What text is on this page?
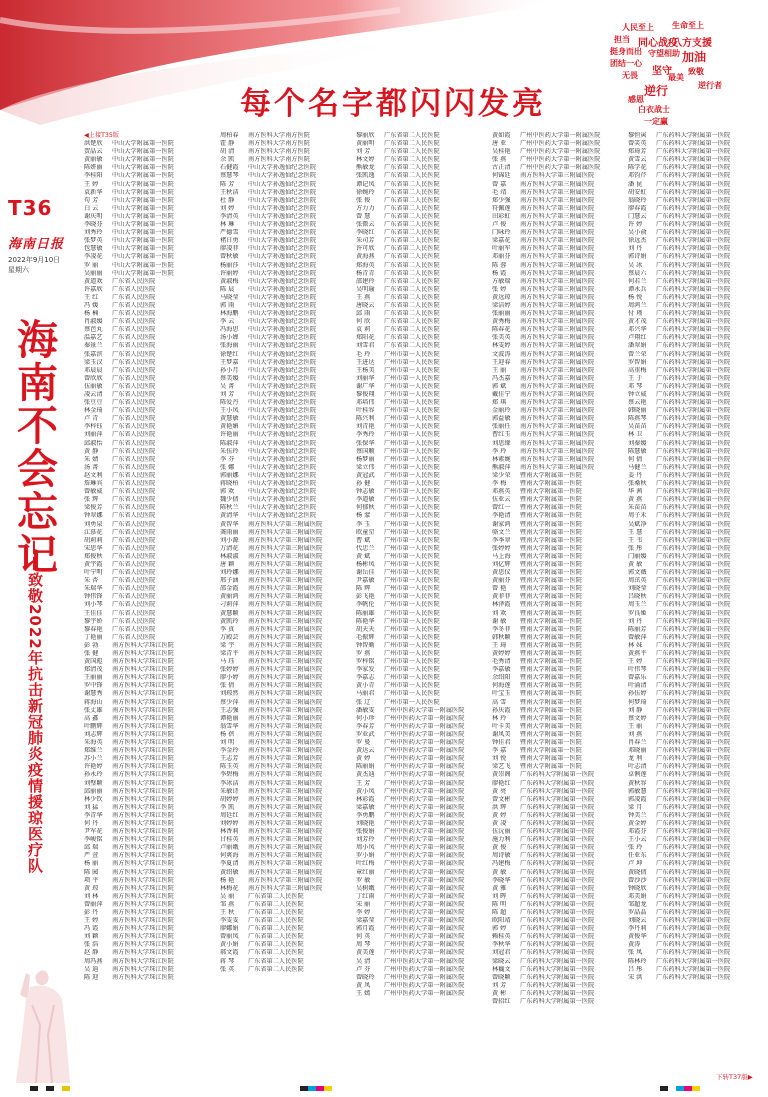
人民至上 生命至上
担当 同心战疫
挺身而出
团结一心
八方支援
加油
守望相助
逆行
无畏 坚守
感恩
致敬
最美
白衣战士
逆行者
一定赢
每个名字都闪闪发亮
T36
海南日报
2022年9月10日
星期六
海南不会忘记
——致敬2022年抗击新冠肺炎疫情援琼医疗队
◀上接T35版
洪楚欣	中山大学附属第一医院
贺晶云	中山大学附属第一医院
黄丽敏	中山大学附属第一医院
陈妍丽	中山大学附属第一医院
李桂阳	中山大学附属第一医院
王 婷	中山大学附属第一医院
袁新华	中山大学附属第一医院
苟 芳	中山大学附属第一医院
白 云	中山大学附属第一医院
谢庆明	中山大学附属第一医院
李晓芬	中山大学附属第一医院
刘秀玲	中山大学附属第一医院
张梦英	中山大学附属第一医院
包慧敏	中山大学附属第一医院
李凌花	中山大学附属第一医院
罗 丽	中山大学附属第一医院
吴丽丽	中山大学附属第一医院
黄道欢	广东省人民医院
许嘉欣	广东省人民医院
王 红	广东省人民医院
冯 媛	广东省人民医院
杨 楠	广东省人民医院
肖淑媛	广东省人民医院
蔡芭丸	广东省人民医院
温嘉艺	广东省人民医院
秦景兰	广东省人民医院
张嘉滨	广东省人民医院
梁玉汉	广东省人民医院
邓晨晨	广东省人民医院
曾欣欣	广东省人民医院
伍丽敏	广东省人民医院
凌云清	广东省人民医院
张豆豆	广东省人民医院
林金琦	广东省人民医院
卢 青	广东省人民医院
李梓钰	广东省人民医院
刘丽萍	广东省人民医院
邱淑怡	广东省人民医院
黄 静	广东省人民医院
朱 婧	广东省人民医院
汤 菁	广东省人民医院
赵文利	广东省人民医院
詹琳宾	广东省人民医院
曾敏威	广东省人民医院
张 辉	广东省人民医院
梁俊芳	广东省人民医院
钟翠娜	广东省人民医院
刘勇泉	广东省人民医院
江慕花	广东省人民医院
胡莉莉	广东省人民医院
宋思华	广东省人民医院
郑俊秋	广东省人民医院
黄宇霞	广东省人民医院
叶宁明	广东省人民医院
朱 杏	广东省人民医院
朱瑞华	广东省人民医院
钟伟锋	广东省人民医院
刘小琴	广东省人民医院
王佳佳	广东省人民医院
黎宇娇	广东省人民医院
黎春艳	广东省人民医院
丁艳丽	广东省人民医院
彭 勃	南方医科大学珠江医院
张 健	南方医科大学珠江医院
黄国彪	南方医科大学珠江医院
郑清茂	南方医科大学珠江医院
王丽丽	南方医科大学珠江医院
罗中锋	南方医科大学珠江医院
谢慧秀	南方医科大学珠江医院
蒋海山	南方医科大学珠江医院
张丈雄	南方医科大学珠江医院
高 鑫	南方医科大学珠江医院
叶鹏辉	南方医科大学珠江医院
刘志辉	南方医科大学珠江医院
朱海英	南方医科大学珠江医院
郑维兰	南方医科大学珠江医院
苏小兰	南方医科大学珠江医院
许艳婷	南方医科大学珠江医院
孙永玲	南方医科大学珠江医院
刘璧颖	南方医科大学珠江医院
邱丽丽	南方医科大学珠江医院
林少钦	南方医科大学珠江医院
刘 猛	南方医科大学珠江医院
李青华	南方医科大学珠江医院
何 丹	南方医科大学珠江医院
尹军花	南方医科大学珠江医院
李峻铭	南方医科大学珠江医院
邱 瑞	南方医科大学珠江医院
严 萱	南方医科大学珠江医院
杨 丽	南方医科大学珠江医院
陈 园	南方医科大学珠江医院
项 平	南方医科大学珠江医院
黄 琼	南方医科大学珠江医院
刘 林	南方医科大学珠江医院
曾丽萍	南方医科大学珠江医院
彭 丹	南方医科大学珠江医院
王 婷	南方医科大学珠江医院
冯 霞	南方医科大学珠江医院
刘 颖	南方医科大学珠江医院
张 浩	南方医科大学珠江医院
赵 静	南方医科大学珠江医院
周冯燕	南方医科大学珠江医院
吴 迪	南方医科大学珠江医院
陈 迎	南方医科大学珠江医院
周柏春	南方医科大学南方医院
霍 静	南方医科大学南方医院
胡 清	南方医科大学南方医院
余 凯	南方医科大学南方医院
石健霞	中山大学孙逸仙纪念医院
蔡慧琴	中山大学孙逸仙纪念医院
陈 芳	中山大学孙逸仙纪念医院
王秋洁	中山大学孙逸仙纪念医院
杜 静	中山大学孙逸仙纪念医院
刘 婷	中山大学孙逸仙纪念医院
李清英	中山大学孙逸仙纪念医院
林 琳	中山大学孙逸仙纪念医院
严德雪	中山大学孙逸仙纪念医院
褚日勇	中山大学孙逸仙纪念医院
廖凌菲	中山大学孙逸仙纪念医院
曾秋敏	中山大学孙逸仙纪念医院
杨丽莎	中山大学孙逸仙纪念医院
许丽婷	中山大学孙逸仙纪念医院
黄淑梅	中山大学孙逸仙纪念医院
陈 晨	中山大学孙逸仙纪念医院
马晓莹	中山大学孙逸仙纪念医院
郭 雨	中山大学孙逸仙纪念医院
林海鹏	中山大学孙逸仙纪念医院
李 云	中山大学孙逸仙纪念医院
冯海思	中山大学孙逸仙纪念医院
汤小婵	中山大学孙逸仙纪念医院
张海丽	中山大学孙逸仙纪念医院
徐楚红	中山大学孙逸仙纪念医院
王梦嘉	中山大学孙逸仙纪念医院
孙小月	中山大学孙逸仙纪念医院
蔡美媛	中山大学孙逸仙纪念医院
吴 菁	中山大学孙逸仙纪念医院
刘 芳	中山大学孙逸仙纪念医院
陈爱丹	中山大学孙逸仙纪念医院
王小凤	中山大学孙逸仙纪念医院
黄慧敏	中山大学孙逸仙纪念医院
黄艳媚	中山大学孙逸仙纪念医院
许艳丽	中山大学孙逸仙纪念医院
陈淑萍	中山大学孙逸仙纪念医院
朱伍玲	中山大学孙逸仙纪念医院
李 芬	中山大学孙逸仙纪念医院
张 娜	中山大学孙逸仙纪念医院
郭丽娜	中山大学孙逸仙纪念医院
蒋晓柏	中山大学孙逸仙纪念医院
郭 欢	中山大学孙逸仙纪念医院
魏少倩	中山大学孙逸仙纪念医院
陈秋兰	中山大学孙逸仙纪念医院
黄清华	中山大学孙逸仙纪念医院
黄智华	南方医科大学第三附属医院
龚雨丽	南方医科大学第三附属医院
刘小源	南方医科大学第三附属医院
万清花	南方医科大学第三附属医院
林淑淑	南方医科大学第三附属医院
唐 颖	南方医科大学第三附属医院
刘玲娜	南方医科大学第三附属医院
邢子涵	南方医科大学第三附属医院
邵金霞	南方医科大学第三附属医院
黄丽鸿	南方医科大学第三附属医院
刁莉萍	南方医科大学第三附属医院
黄慧颖	南方医科大学第三附属医院
黄凯玲	南方医科大学第三附属医院
李 真	南方医科大学第三附属医院
万殿芸	南方医科大学第三附属医院
梁 宇	南方医科大学第三附属医院
梁青平	南方医科大学第三附属医院
马 珏	南方医科大学第三附属医院
张婷婷	南方医科大学第三附属医院
廖小婷	南方医科大学第三附属医院
张 倩	南方医科大学第三附属医院
刘琼然	南方医科大学第三附属医院
蔡少萍	南方医科大学第三附属医院
王志强	南方医科大学第三附属医院
谭艳丽	南方医科大学第三附属医院
翁雪华	南方医科大学第三附属医院
杨 蓓	南方医科大学第三附属医院
刘 明	南方医科大学第三附属医院
李金玲	南方医科大学第三附属医院
王志芳	南方医科大学第三附属医院
陈玉英	南方医科大学第三附属医院
李碧梅	南方医科大学第三附属医院
李冰洁	南方医科大学第三附属医院
朱敏诗	南方医科大学第三附属医院
胡婷婷	南方医科大学第三附属医院
李 凯	南方医科大学第三附属医院
周廷红	南方医科大学第三附属医院
刘婷婷	南方医科大学第三附属医院
林香莉	南方医科大学第三附属医院
甘桂英	南方医科大学第三附属医院
卢丽娥	南方医科大学第三附属医院
何爽海	南方医科大学第三附属医院
李夏清	南方医科大学第三附属医院
黄绍敏	南方医科大学第三附属医院
杨 艳	南方医科大学第三附属医院
林梅花	南方医科大学第三附属医院
吴 丽	广东省第二人民医院
邹 燕	广东省第二人民医院
王 秋	广东省第二人民医院
李雯雯	广东省第二人民医院
廖娜娟	广东省第二人民医院
曾丽凤	广东省第二人民医院
黄小娟	广东省第二人民医院
郝文霞	广东省第二人民医院
蒋 琴	广东省第二人民医院
张 英	广东省第二人民医院
黎丽欣	广东省第二人民医院
黄丽明	广东省第二人民医院
刘 芳	广东省第二人民医院
林文婷	广东省第二人民医院
熊敏龙	广东省第二人民医院
张凯逸	广东省第二人民医院
谭记凤	广东省第二人民医院
徐婉玲	广东省第二人民医院
张 俊	广东省第二人民医院
方力力	广东省第二人民医院
曾 慧	广东省第二人民医院
张微云	广东省第二人民医院
李晓红	广东省第二人民医院
朱司芳	广东省第二人民医院
许可欣	广东省第二人民医院
黄海燕	广东省第二人民医院
郑海英	广东省第二人民医院
杨青青	广东省第二人民医院
邵建玲	广东省第二人民医院
吴明瑜	广东省第二人民医院
王 燕	广东省第二人民医院
唐晓云	广东省第二人民医院
邱 雨	广东省第二人民医院
何 欣	广东省第二人民医院
袁 莉	广东省第二人民医院
郑阳花	广东省第二人民医院
刘雪君	广东省第二人民医院
毛 玲	广州市第一人民医院
王进达	广州市第一人民医院
王杨美	广州市第一人民医院
刘丽华	广州市第一人民医院
谢广华	广州市第一人民医院
黎俊翔	广州市第一人民医院
邓培伟	广州市第一人民医院
叶桂容	广州市第一人民医院
陈兴利	广州市第一人民医院
刘青艳	广州市第一人民医院
李秀玲	广州市第一人民医院
张保华	广州市第一人民医院
蔡国顺	广州市第一人民医院
杨梦丽	广州市第一人民医院
梁立伟	广州市第一人民医院
黄冠武	广州市第一人民医院
孙 健	广州市第一人民医院
钟志敏	广州市第一人民医院
李道敏	广州市第一人民医院
何郁秋	广州市第一人民医院
杨 蒙	广州市第一人民医院
李 玉	广州市第一人民医院
欧童星	广州市第一人民医院
曹 斌	广州市第一人民医院
代忠兰	广州市第一人民医院
黄 斌	广州市第一人民医院
杨彬凤	广州市第一人民医院
谢岳佳	广州市第一人民医院
尹嘉敏	广州市第一人民医院
陈 辉	广州市第一人民医院
彭飞艳	广州市第一人民医院
李帆伦	广州市第一人民医院
陈丽雄	广州市第一人民医院
陈艳华	广州市第一人民医院
胡天天	广州市第一人民医院
毛振辉	广州市第一人民医院
钟智勤	广州市第一人民医院
罗 燕	广州市第一人民医院
罗梓铭	广州市第一人民医院
李家发	广州市第一人民医院
李嘉志	广州市第一人民医院
黄小青	广州市第一人民医院
马丽君	广州市第一人民医院
张 辽	广州市第一人民医院
潘敏雯	广州中医药大学第一附属医院
何小珍	广州中医药大学第一附属医院
李春芳	广州中医药大学第一附属医院
罗业武	广州中医药大学第一附属医院
罗 曼	广州中医药大学第一附属医院
黄达云	广州中医药大学第一附属医院
黄 婷	广州中医药大学第一附属医院
陈丽娟	广州中医药大学第一附属医院
黄杰迪	广州中医药大学第一附属医院
王 芳	广州中医药大学第一附属医院
黄小凤	广州中医药大学第一附属医院
林彩霞	广州中医药大学第一附属医院
梁嘉敏	广州中医药大学第一附属医院
李勇鹏	广州中医药大学第一附属医院
刘晓艳	广州中医药大学第一附属医院
张俊娟	广州中医药大学第一附属医院
刘芳玲	广州中医药大学第一附属医院
周小凤	广州中医药大学第一附属医院
罗小娟	广州中医药大学第一附属医院
叶红梅	广州中医药大学第一附属医院
章红丽	广州中医药大学第一附属医院
罗 敏	广州中医药大学第一附属医院
吴树娥	广州中医药大学第一附属医院
丁红雨	广州中医药大学第一附属医院
宋 丽	广州中医药大学第一附属医院
李 婷	广州中医药大学第一附属医院
梁嘉莹	广州中医药大学第一附属医院
郭月霞	广州中医药大学第一附属医院
何 英	广州中医药大学第一附属医院
周 琴	广州中医药大学第一附属医院
黄美莲	广州中医药大学第一附属医院
吴 清	广州中医药大学第一附属医院
卢 芬	广州中医药大学第一附属医院
曾晓玲	广州中医药大学第一附属医院
黄 凤	广州中医药大学第一附属医院
王 嫣	广州中医药大学第一附属医院
黄如霞	广州中医药大学第一附属医院
唐 亚	广州中医药大学第一附属医院
吴桂艳	广州中医药大学第一附属医院
张 燕	广州中医药大学第一附属医院
古正清	广州中医药大学第一附属医院
何锦廷	南方医科大学第三附属医院
曾 嘉	南方医科大学第三附属医院
毛 靖	南方医科大学第三附属医院
郑少强	南方医科大学第三附属医院
符佩莲	南方医科大学第三附属医院
田彩虹	南方医科大学第三附属医院
卢 俊	南方医科大学第三附属医院
门咏玲	南方医科大学第三附属医院
梁嘉花	南方医科大学第三附属医院
叶丽军	南方医科大学第三附属医院
邓丽芬	南方医科大学第三附属医院
陈 蓉	南方医科大学第三附属医院
杨 霞	南方医科大学第三附属医院
方敏瑞	南方医科大学第三附属医院
张 婷	南方医科大学第三附属医院
黄远琼	南方医科大学第三附属医院
梁洁婷	南方医科大学第三附属医院
张丽丽	南方医科大学第三附属医院
黄秀梅	南方医科大学第三附属医院
陈春花	南方医科大学第三附属医院
张美英	南方医科大学第三附属医院
林雯婷	南方医科大学第三附属医院
文波涛	南方医科大学第三附属医院
王迎春	南方医科大学第三附属医院
王 丽	南方医科大学第三附属医院
冯杰嘉	南方医科大学第三附属医院
郭 斌	南方医科大学第三附属医院
戴佳宁	南方医科大学第三附属医院
郑 琪	南方医科大学第三附属医院
金丽玲	南方医科大学第三附属医院
郭益敏	南方医科大学第三附属医院
张丽任	南方医科大学第三附属医院
曹红玉	南方医科大学第三附属医院
刘思缘	南方医科大学第三附属医院
李 玲	南方医科大学第三附属医院
林素婉	南方医科大学第三附属医院
熊淑萍	南方医科大学第三附属医院
梁少荣	暨南大学附属第一医院
李 梅	暨南大学附属第一医院
邓燕英	暨南大学附属第一医院
伍亚云	暨南大学附属第一医院
曾红一	暨南大学附属第一医院
李艳清	暨南大学附属第一医院
谢家鸿	暨南大学附属第一医院
骆文兰	暨南大学附属第一医院
李季翠	暨南大学附属第一医院
张婷婷	暨南大学附属第一医院
马上海	暨南大学附属第一医院
刘亿辉	暨南大学附属第一医院
黄思仪	暨南大学附属第一医院
黄丽芬	暨南大学附属第一医院
曾 艳	暨南大学附属第一医院
黄菲菲	暨南大学附属第一医院
林泽霞	暨南大学附属第一医院
刘 欢	暨南大学附属第一医院
谢 敏	暨南大学附属第一医院
李冬菲	暨南大学附属第一医院
韩秋颖	暨南大学附属第一医院
王 琦	暨南大学附属第一医院
黄婷婷	暨南大学附属第一医院
毛秀清	暨南大学附属第一医院
李嘉敏	暨南大学附属第一医院
余绍阳	暨南大学附属第一医院
何海莲	暨南大学附属第一医院
叶宝玉	暨南大学附属第一医院
高 雪	暨南大学附属第一医院
孙庆霞	暨南大学附属第一医院
林 玲	暨南大学附属第一医院
叶卡美	暨南大学附属第一医院
谢凤美	暨南大学附属第一医院
钟佳君	暨南大学附属第一医院
李 嘉	暨南大学附属第一医院
刘 悦	暨南大学附属第一医院
梁艺飞	暨南大学附属第一医院
黄崇阁	广东药科大学附属第一医院
廖艳红	广东药科大学附属第一医院
黄 亮	广东药科大学附属第一医院
曾文彬	广东药科大学附属第一医院
洪 辉	广东药科大学附属第一医院
黄 婷	广东药科大学附属第一医院
黄 凌	广东药科大学附属第一医院
伍沅丽	广东药科大学附属第一医院
施力利	广东药科大学附属第一医院
黄 俊	广东药科大学附属第一医院
周诗敏	广东药科大学附属第一医院
冯建梅	广东药科大学附属第一医院
黄 敏	广东药科大学附属第一医院
李晓华	广东药科大学附属第一医院
黄 雅	广东药科大学附属第一医院
刘 晖	广东药科大学附属第一医院
陈 明	广东药科大学附属第一医院
陈 超	广东药科大学附属第一医院
欧阳靖	广东药科大学附属第一医院
郭 婷	广东药科大学附属第一医院
赖桂英	广东药科大学附属第一医院
李秋华	广东药科大学附属第一医院
刘冠君	广东药科大学附属第一医院
梁晓云	广东药科大学附属第一医院
林巍文	广东药科大学附属第一医院
曾晓颖	广东药科大学附属第一医院
刘 芳	广东药科大学附属第一医院
黄 彬	广东药科大学附属第一医院
曾招红	广东药科大学附属第一医院
黎恒寅	广东药科大学附属第一医院
曾笑英	广东药科大学附属第一医院
郑琦芳	广东药科大学附属第一医院
黄雪云	广东药科大学附属第一医院
陈学花	广东药科大学附属第一医院
邓钧芹	广东药科大学附属第一医院
潘 昆	广东药科大学附属第一医院
胡安虹	广东药科大学附属第一医院
翁晓玲	广东药科大学附属第一医院
廖春霞	广东药科大学附属第一医院
门慧云	广东药科大学附属第一医院
许 婷	广东药科大学附属第一医院
吴小俞	广东药科大学附属第一医院
徐远杰	广东药科大学附属第一医院
刘 丹	广东药科大学附属第一医院
郭诗娟	广东药科大学附属第一医院
吴 冰	广东药科大学附属第一医院
蔡晨六	广东药科大学附属第一医院
何若兰	广东药科大学附属第一医院
谭永兵	广东药科大学附属第一医院
杨 悦	广东药科大学附属第一医院
周鸿兰	广东药科大学附属第一医院
付 瑾	广东药科大学附属第一医院
黄才茂	广东药科大学附属第一医院
邓兴华	广东药科大学附属第一医院
卢翔红	广东药科大学附属第一医院
潘翠娟	广东药科大学附属第一医院
曾兰荣	广东药科大学附属第一医院
罗智娟	广东药科大学附属第一医院
高重梅	广东药科大学附属第一医院
王 于	广东药科大学附属第一医院
邓 琴	广东药科大学附属第一医院
钟立威	广东药科大学附属第一医院
蔡云艳	广东药科大学附属第一医院
韩晓丽	广东药科大学附属第一医院
陈燕琴	广东药科大学附属第一医院
吴苗苗	广东药科大学附属第一医院
林 卫	广东药科大学附属第一医院
刘秦媛	广东药科大学附属第一医院
陈慧敏	广东药科大学附属第一医院
何 倩	广东药科大学附属第一医院
马健兰	广东药科大学附属第一医院
姜 丹	广东药科大学附属第一医院
张桑秋	广东药科大学附属第一医院
华 茜	广东药科大学附属第一医院
黄 燕	广东药科大学附属第一医院
朱苗苗	广东药科大学附属第一医院
周子禾	广东药科大学附属第一医院
吴斌净	广东药科大学附属第一医院
王 慧	广东药科大学附属第一医院
王 韦	广东药科大学附属第一医院
张 彤	广东药科大学附属第一医院
门丽媛	广东药科大学附属第一医院
黄 敏	广东药科大学附属第一医院
郭文薇	广东药科大学附属第一医院
周茁英	广东药科大学附属第一医院
刘晓莹	广东药科大学附属第一医院
吕晓秋	广东药科大学附属第一医院
周玉兰	广东药科大学附属第一医院
罗良姬	广东药科大学附属第一医院
刘 丹	广东药科大学附属第一医院
陈丽芳	广东药科大学附属第一医院
曾敏萍	广东药科大学附属第一医院
林 妹	广东药科大学附属第一医院
黄燕平	广东药科大学附属第一医院
王 婷	广东药科大学附属第一医院
叶伟琴	广东药科大学附属第一医院
曾嘉乐	广东药科大学附属第一医院
叶涌清	广东药科大学附属第一医院
孙伍婷	广东药科大学附属第一医院
何梦琦	广东药科大学附属第一医院
刘 静	广东药科大学附属第一医院
蔡文婷	广东药科大学附属第一医院
王 丽	广东药科大学附属第一医院
刘 燕	广东药科大学附属第一医院
肖春兰	广东药科大学附属第一医院
邓晓丽	广东药科大学附属第一医院
龙 利	广东药科大学附属第一医院
叶志清	广东药科大学附属第一医院
卓俐莲	广东药科大学附属第一医院
黄秋容	广东药科大学附属第一医院
郭敏慧	广东药科大学附属第一医院
郭凌霞	广东药科大学附属第一医院
梁 月	广东药科大学附属第一医院
钟美兰	广东药科大学附属第一医院
黄金婷	广东药科大学附属第一医院
邓霞芬	广东药科大学附属第一医院
王小云	广东药科大学附属第一医院
张 玲	广东药科大学附属第一医院
任亚东	广东药科大学附属第一医院
卢 坤	广东药科大学附属第一医院
黄晓倩	广东药科大学附属第一医院
曾沙沙	广东药科大学附属第一医院
钟晓欣	广东药科大学附属第一医院
邓美娟	广东药科大学附属第一医院
邹超龙	广东药科大学附属第一医院
罗晶晶	广东药科大学附属第一医院
刘晓云	广东药科大学附属第一医院
李丹莉	广东药科大学附属第一医院
黄俊华	广东药科大学附属第一医院
黄涛	广东药科大学附属第一医院
张 凤	广东药科大学附属第一医院
陈林玲	广东药科大学附属第一医院
吕 彤	广东药科大学附属第一医院
宋 洪	广东药科大学附属第一医院
下转T37版▶
